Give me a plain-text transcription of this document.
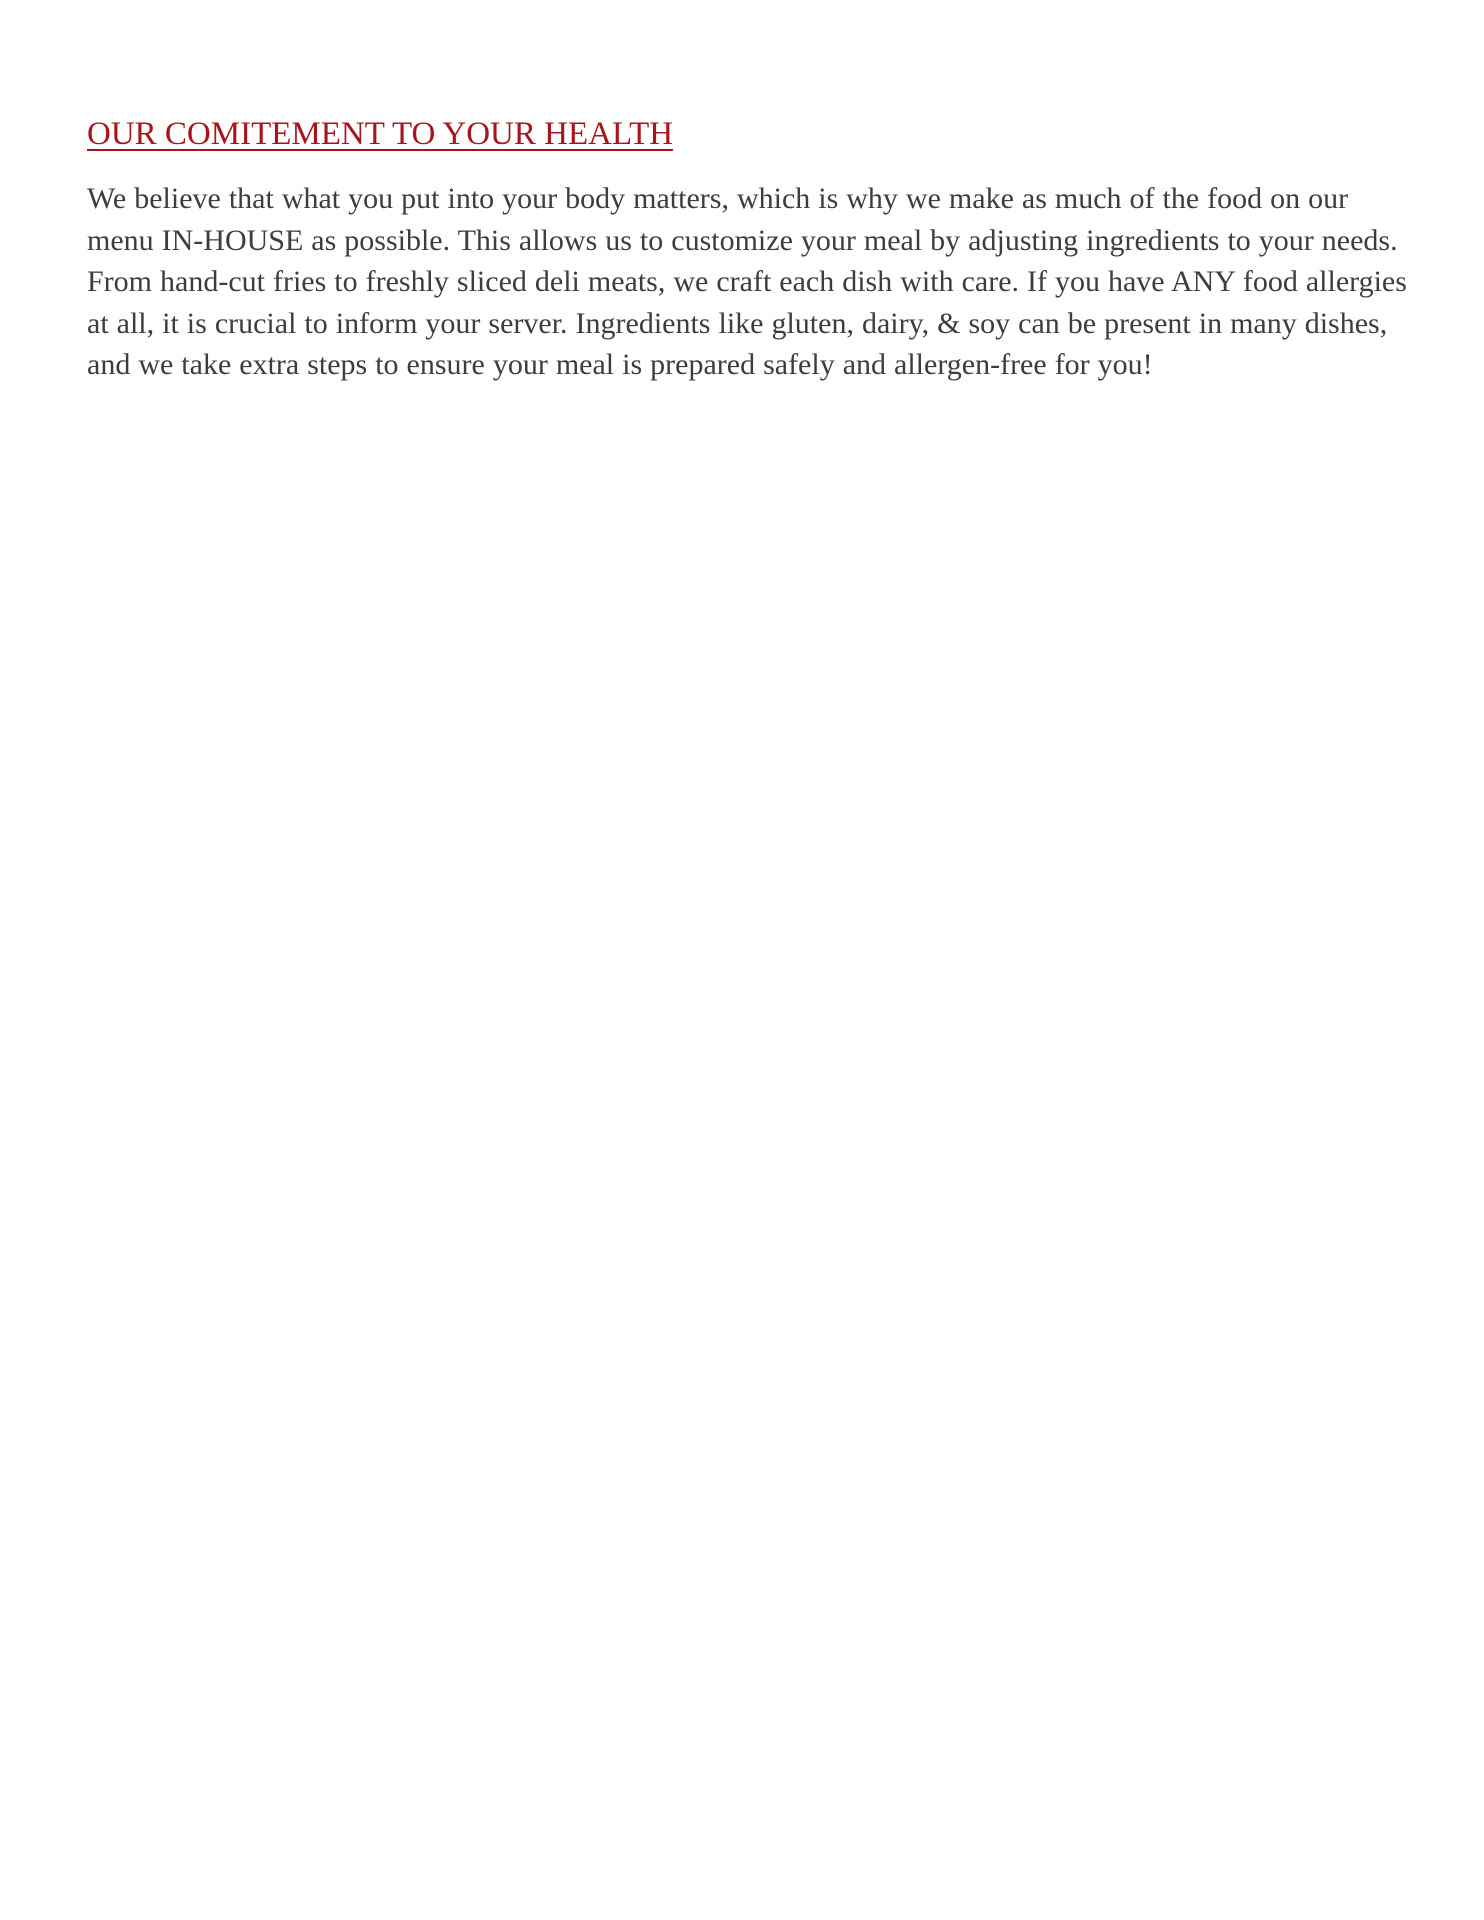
OUR COMITEMENT TO YOUR HEALTH

We believe that what you put into your body matters, which is why we make as much of the food on our menu IN-HOUSE as possible. This allows us to customize your meal by adjusting ingredients to your needs. From hand-cut fries to freshly sliced deli meats, we craft each dish with care. If you have ANY food allergies at all, it is crucial to inform your server. Ingredients like gluten, dairy, & soy can be present in many dishes, and we take extra steps to ensure your meal is prepared safely and allergen-free for you!
